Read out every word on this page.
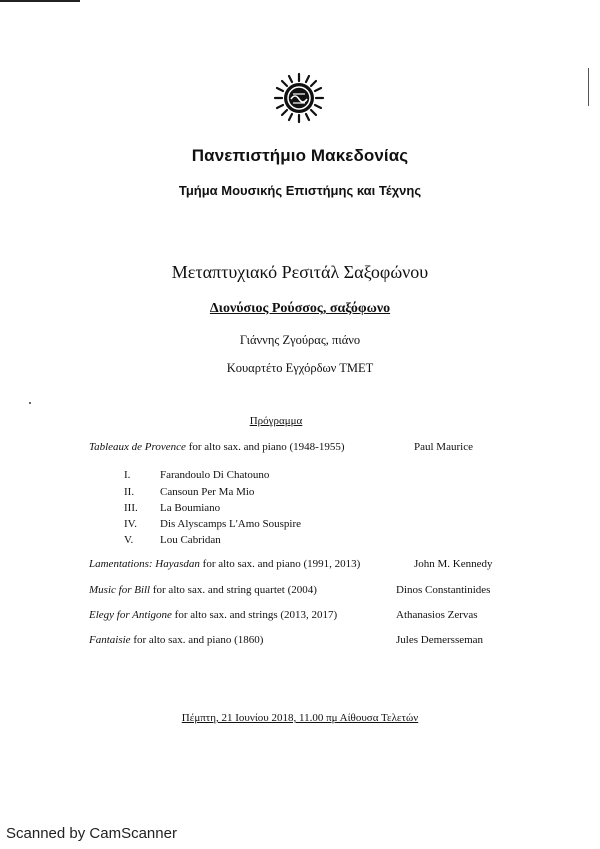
Πανεπιστήμιο Μακεδονίας
Τμήμα Μουσικής Επιστήμης και Τέχνης
Μεταπτυχιακό Ρεσιτάλ Σαξοφώνου
Διονύσιος Ρούσσος, σαξόφωνο
Γιάννης Ζγούρας, πιάνο
Κουαρτέτο Εγχόρδων ΤΜΕΤ
Πρόγραμμα
Tableaux de Provence for alto sax. and piano (1948-1955)	Paul Maurice
I.	Farandoulo Di Chatouno
II. Cansoun Per Ma Mio
III. La Boumiano
IV. Dis Alyscamps L'Amo Souspire
V. Lou Cabridan
Lamentations: Hayasdan for alto sax. and piano (1991, 2013)	John M. Kennedy
Music for Bill for alto sax. and string quartet (2004)	Dinos Constantinides
Elegy for Antigone for alto sax. and strings (2013, 2017)	Athanasios Zervas
Fantaisie for alto sax. and piano (1860)	Jules Demersseman
Πέμπτη, 21 Ιουνίου 2018, 11.00 πμ Αίθουσα Τελετών
Scanned by CamScanner
